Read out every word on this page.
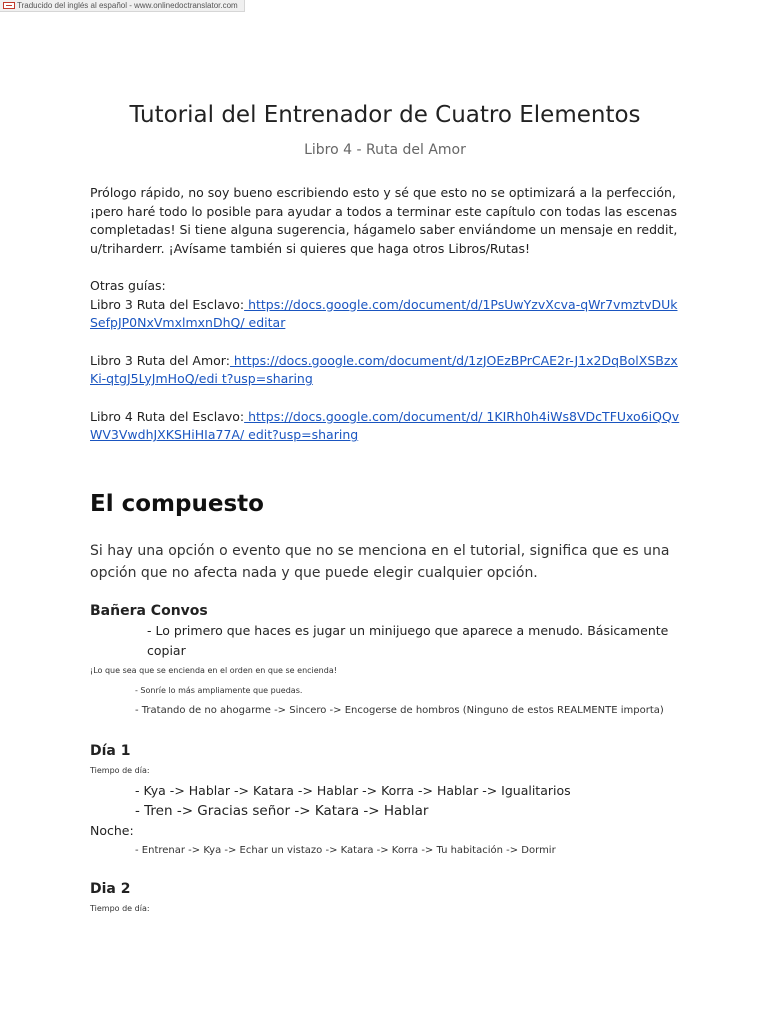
Traducido del inglés al español - www.onlinedoctranslator.com
Tutorial del Entrenador de Cuatro Elementos

Libro 4 - Ruta del Amor

Prólogo rápido, no soy bueno escribiendo esto y sé que esto no se optimizará a la perfección, ¡pero haré todo lo posible para ayudar a todos a terminar este capítulo con todas las escenas completadas! Si tiene alguna sugerencia, hágamelo saber enviándome un mensaje en reddit, u/triharderr. ¡Avísame también si quieres que haga otros Libros/Rutas!

Otras guías:

Libro 3 Ruta del Esclavo: https://docs.google.com/document/d/1PsUwYzvXcva-qWr7vmztvDUkSefpJP0NxVmxlmxnDhQ/ editar

Libro 3 Ruta del Amor: https://docs.google.com/document/d/1zJOEzBPrCAE2r-J1x2DqBolXSBzxKi-qtgJ5LyJmHoQ/edi t?usp=sharing

Libro 4 Ruta del Esclavo: https://docs.google.com/document/d/ 1KIRh0h4iWs8VDcTFUxo6iQQvWV3VwdhJXKSHiHIa77A/ edit?usp=sharing

El compuesto

Si hay una opción o evento que no se menciona en el tutorial, significa que es una opción que no afecta nada y que puede elegir cualquier opción.

Bañera Convos

- Lo primero que haces es jugar un minijuego que aparece a menudo. Básicamente copiar

¡Lo que sea que se encienda en el orden en que se encienda!

- Sonríe lo más ampliamente que puedas.

- Tratando de no ahogarme -> Sincero -> Encogerse de hombros (Ninguno de estos REALMENTE importa)

Día 1

Tiempo de día:

- Kya -> Hablar -> Katara -> Hablar -> Korra -> Hablar -> Igualitarios

- Tren -> Gracias señor -> Katara -> Hablar

Noche:

- Entrenar -> Kya -> Echar un vistazo -> Katara -> Korra -> Tu habitación -> Dormir

Dia 2

Tiempo de día:
